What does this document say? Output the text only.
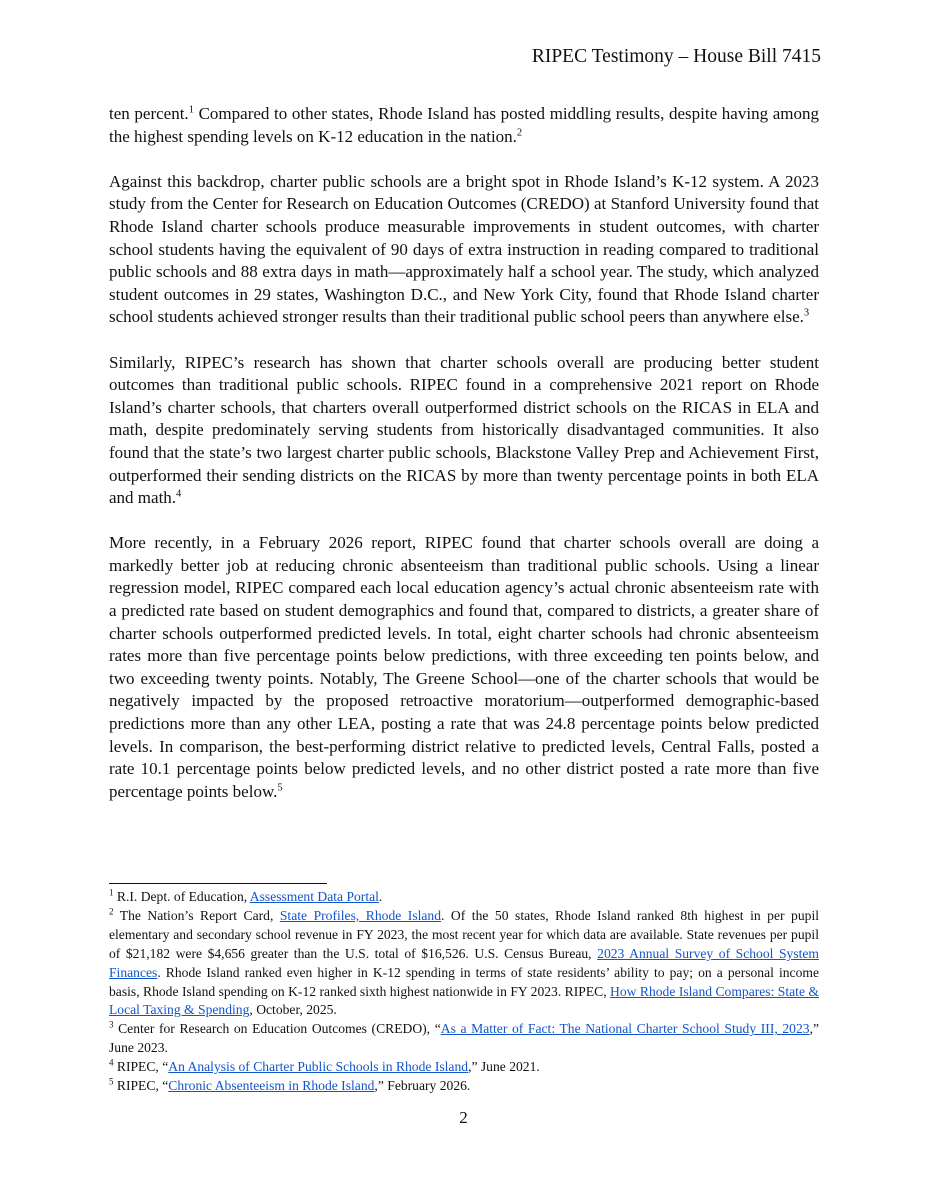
RIPEC Testimony – House Bill 7415

ten percent.$^1$ Compared to other states, Rhode Island has posted middling results, despite having among the highest spending levels on K-12 education in the nation.$^2$

Against this backdrop, charter public schools are a bright spot in Rhode Island’s K-12 system. A 2023 study from the Center for Research on Education Outcomes (CREDO) at Stanford University found that Rhode Island charter schools produce measurable improvements in student outcomes, with charter school students having the equivalent of 90 days of extra instruction in reading compared to traditional public schools and 88 extra days in math—approximately half a school year. The study, which analyzed student outcomes in 29 states, Washington D.C., and New York City, found that Rhode Island charter school students achieved stronger results than their traditional public school peers than anywhere else.$^3$

Similarly, RIPEC’s research has shown that charter schools overall are producing better student outcomes than traditional public schools. RIPEC found in a comprehensive 2021 report on Rhode Island’s charter schools, that charters overall outperformed district schools on the RICAS in ELA and math, despite predominately serving students from historically disadvantaged communities. It also found that the state’s two largest charter public schools, Blackstone Valley Prep and Achievement First, outperformed their sending districts on the RICAS by more than twenty percentage points in both ELA and math.$^4$

More recently, in a February 2026 report, RIPEC found that charter schools overall are doing a markedly better job at reducing chronic absenteeism than traditional public schools. Using a linear regression model, RIPEC compared each local education agency’s actual chronic absenteeism rate with a predicted rate based on student demographics and found that, compared to districts, a greater share of charter schools outperformed predicted levels. In total, eight charter schools had chronic absenteeism rates more than five percentage points below predictions, with three exceeding ten points below, and two exceeding twenty points. Notably, The Greene School—one of the charter schools that would be negatively impacted by the proposed retroactive moratorium—outperformed demographic-based predictions more than any other LEA, posting a rate that was 24.8 percentage points below predicted levels. In comparison, the best-performing district relative to predicted levels, Central Falls, posted a rate 10.1 percentage points below predicted levels, and no other district posted a rate more than five percentage points below.$^5$

$^1$ R.I. Dept. of Education, Assessment Data Portal.

$^2$ The Nation’s Report Card, State Profiles, Rhode Island. Of the 50 states, Rhode Island ranked 8th highest in per pupil elementary and secondary school revenue in FY 2023, the most recent year for which data are available. State revenues per pupil of $21,182 were $4,656 greater than the U.S. total of $16,526. U.S. Census Bureau, 2023 Annual Survey of School System Finances. Rhode Island ranked even higher in K-12 spending in terms of state residents’ ability to pay; on a personal income basis, Rhode Island spending on K-12 ranked sixth highest nationwide in FY 2023. RIPEC, How Rhode Island Compares: State & Local Taxing & Spending, October, 2025.

$^3$ Center for Research on Education Outcomes (CREDO), “As a Matter of Fact: The National Charter School Study III, 2023,” June 2023.

$^4$ RIPEC, “An Analysis of Charter Public Schools in Rhode Island,” June 2021.

$^5$ RIPEC, “Chronic Absenteeism in Rhode Island,” February 2026.

2
